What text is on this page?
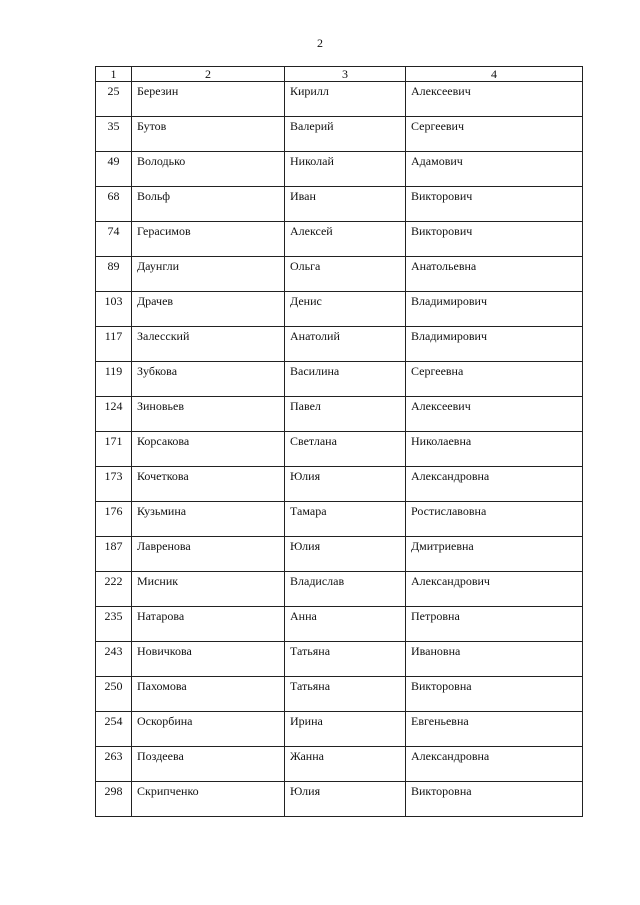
2
1	2	3	4
25	Березин	Кирилл	Алексеевич
35	Бутов	Валерий	Сергеевич
49	Володько	Николай	Адамович
68	Вольф	Иван	Викторович
74	Герасимов	Алексей	Викторович
89	Даунгли	Ольга	Анатольевна
103	Драчев	Денис	Владимирович
117	Залесский	Анатолий	Владимирович
119	Зубкова	Василина	Сергеевна
124	Зиновьев	Павел	Алексеевич
171	Корсакова	Светлана	Николаевна
173	Кочеткова	Юлия	Александровна
176	Кузьмина	Тамара	Ростиславовна
187	Лавренова	Юлия	Дмитриевна
222	Мисник	Владислав	Александрович
235	Натарова	Анна	Петровна
243	Новичкова	Татьяна	Ивановна
250	Пахомова	Татьяна	Викторовна
254	Оскорбина	Ирина	Евгеньевна
263	Поздеева	Жанна	Александровна
298	Скрипченко	Юлия	Викторовна
